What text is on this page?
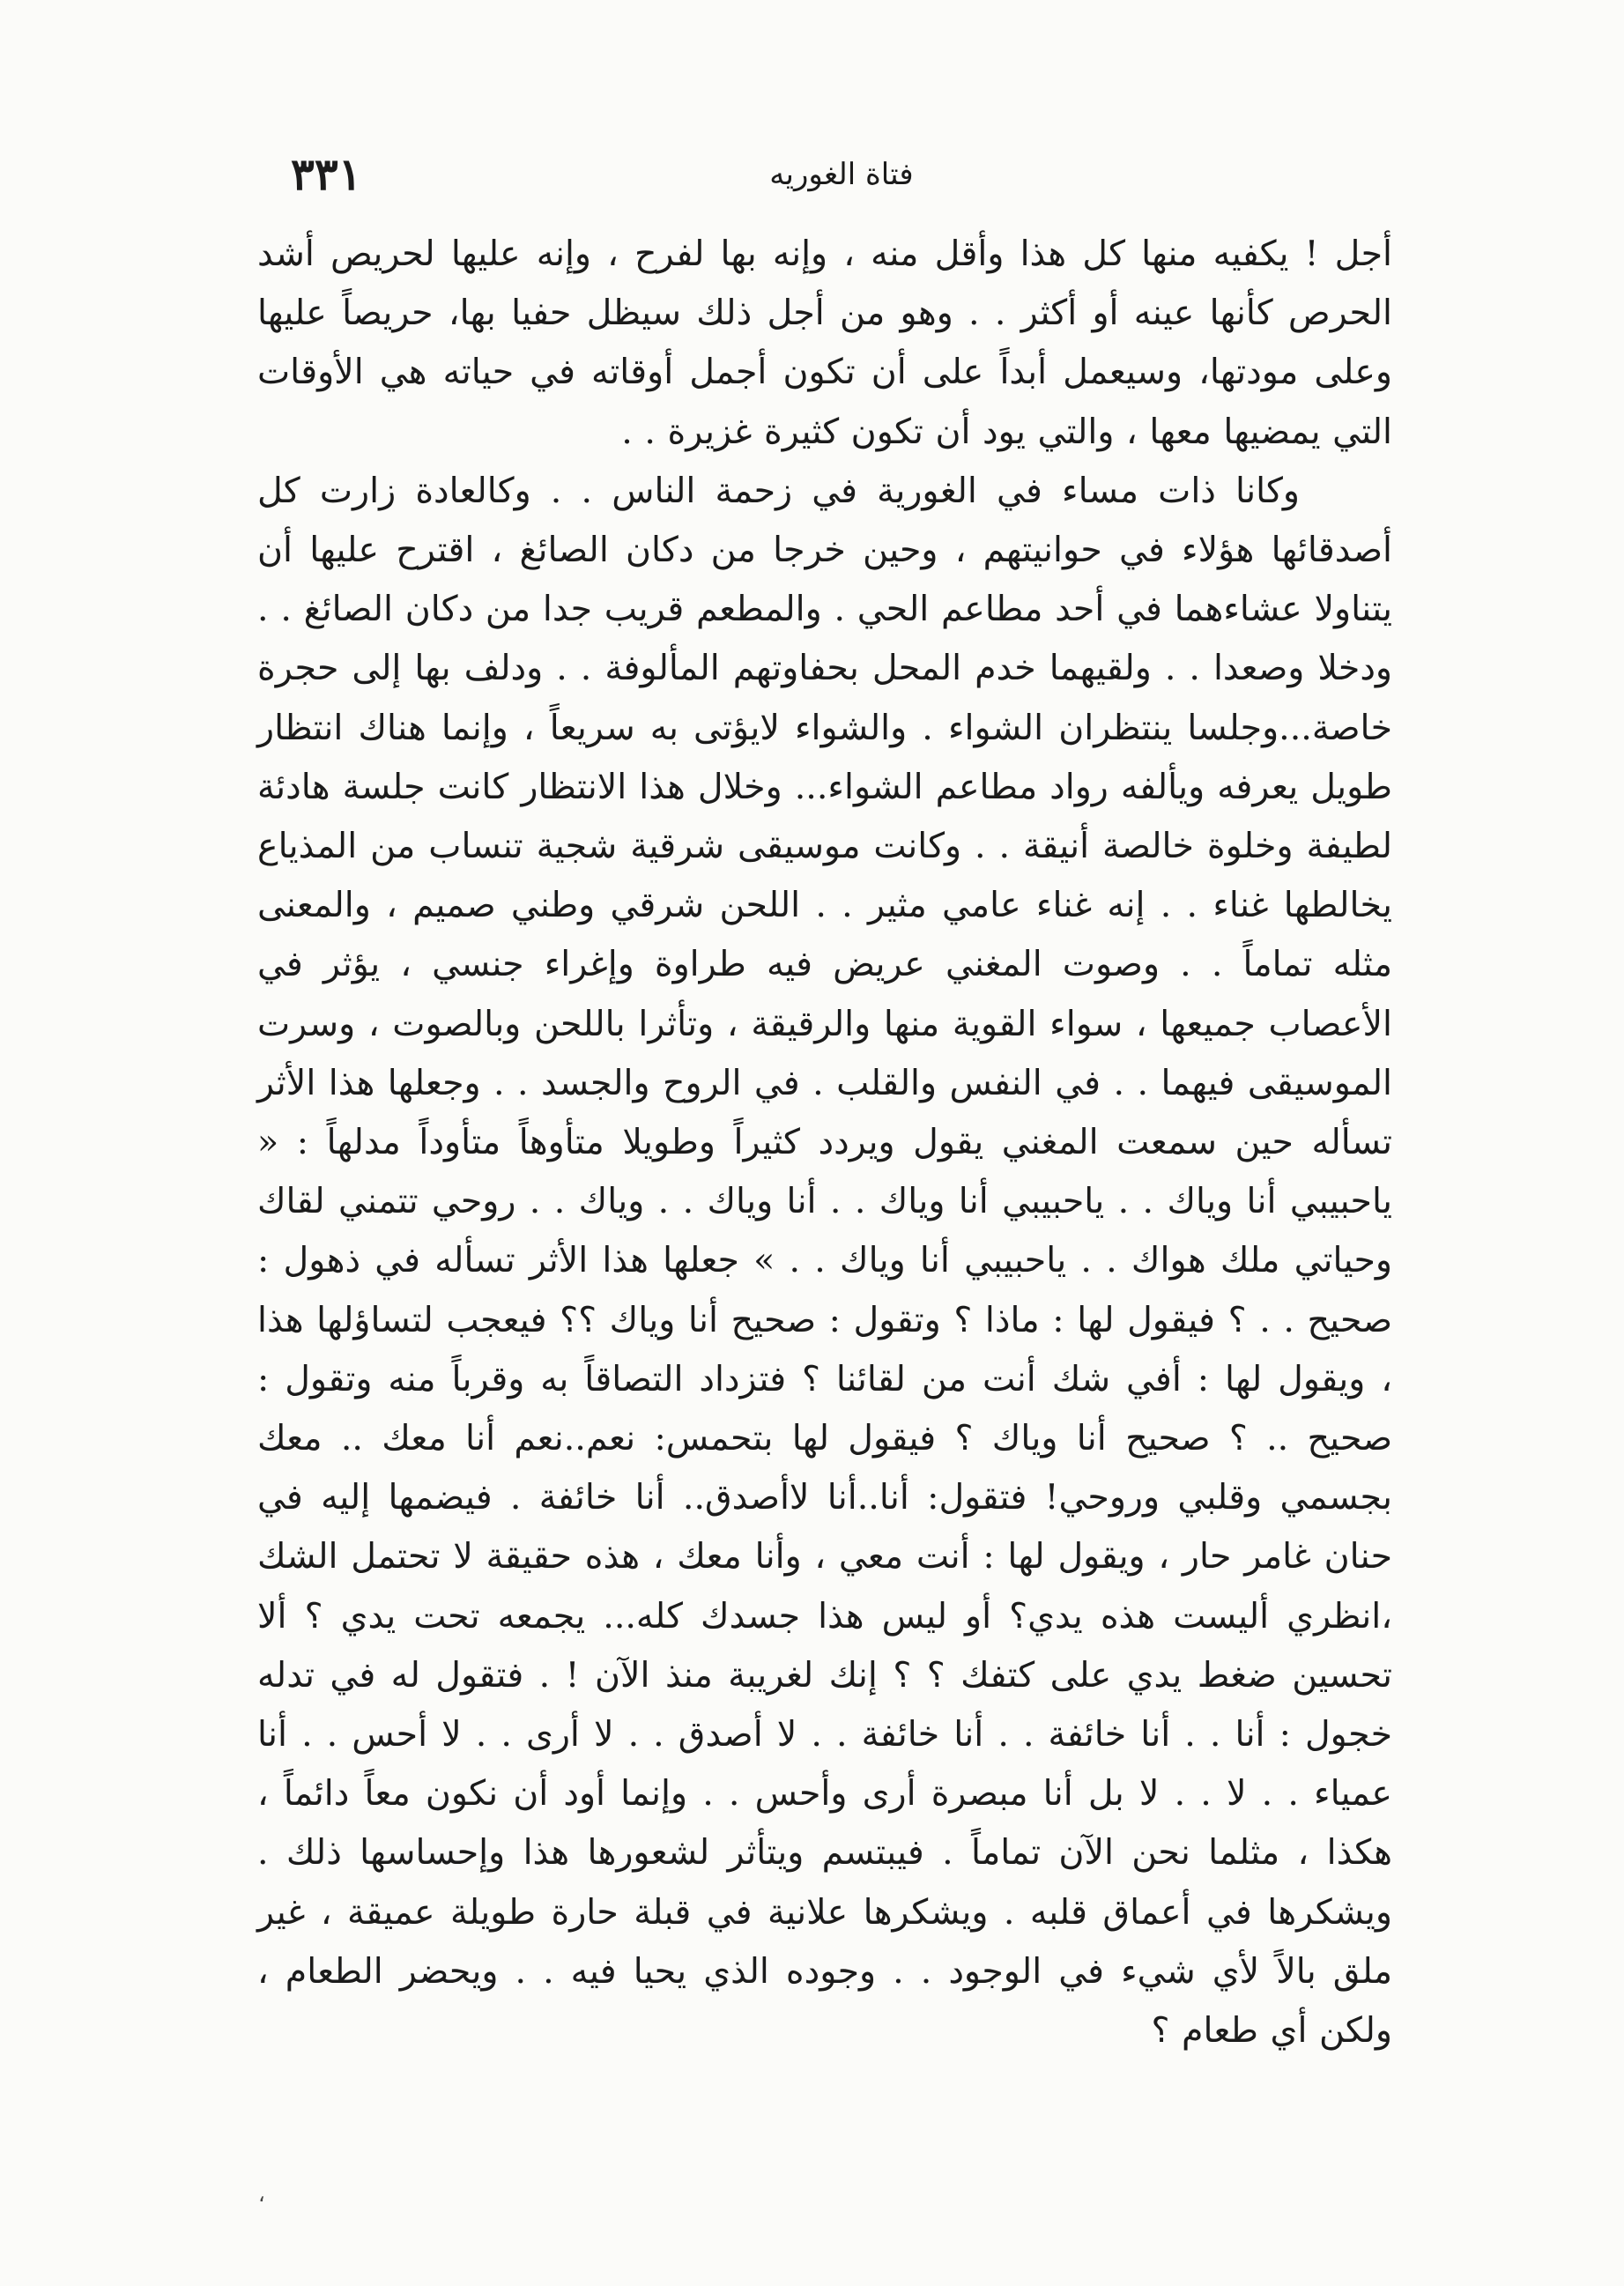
٣٣١	فتاة الغوريه

أجل ! يكفيه منها كل هذا وأقل منه ، وإنه بها لفرح ، وإنه عليها لحريص أشد الحرص كأنها عينه أو أكثر . . وهو من أجل ذلك سيظل حفيا بها، حريصاً عليها وعلى مودتها، وسيعمل أبداً على أن تكون أجمل أوقاته في حياته هي الأوقات التي يمضيها معها ، والتي يود أن تكون كثيرة غزيرة . .

وكانا ذات مساء في الغورية في زحمة الناس . . وكالعادة زارت كل أصدقائها هؤلاء في حوانيتهم ، وحين خرجا من دكان الصائغ ، اقترح عليها أن يتناولا عشاءهما في أحد مطاعم الحي . والمطعم قريب جدا من دكان الصائغ . . ودخلا وصعدا . . ولقيهما خدم المحل بحفاوتهم المألوفة . . ودلف بها إلى حجرة خاصة...وجلسا ينتظران الشواء . والشواء لايؤتى به سريعاً ، وإنما هناك انتظار طويل يعرفه ويألفه رواد مطاعم الشواء... وخلال هذا الانتظار كانت جلسة هادئة لطيفة وخلوة خالصة أنيقة . . وكانت موسيقى شرقية شجية تنساب من المذياع يخالطها غناء . . إنه غناء عامي مثير . . اللحن شرقي وطني صميم ، والمعنى مثله تماماً . . وصوت المغني عريض فيه طراوة وإغراء جنسي ، يؤثر في الأعصاب جميعها ، سواء القوية منها والرقيقة ، وتأثرا باللحن وبالصوت ، وسرت الموسيقى فيهما . . في النفس والقلب . في الروح والجسد . . وجعلها هذا الأثر تسأله حين سمعت المغني يقول ويردد كثيراً وطويلا متأوهاً متأوداً مدلهاً : « ياحبيبي أنا وياك . . ياحبيبي أنا وياك . . أنا وياك . . وياك . . روحي تتمني لقاك وحياتي ملك هواك . . ياحبيبي أنا وياك . . » جعلها هذا الأثر تسأله في ذهول : صحيح . . ؟ فيقول لها : ماذا ؟ وتقول : صحيح أنا وياك ؟؟ فيعجب لتساؤلها هذا ، ويقول لها : أفي شك أنت من لقائنا ؟ فتزداد التصاقاً به وقرباً منه وتقول : صحيح .. ؟ صحيح أنا وياك ؟ فيقول لها بتحمس: نعم..نعم أنا معك .. معك بجسمي وقلبي وروحي! فتقول: أنا..أنا لاأصدق.. أنا خائفة . فيضمها إليه في حنان غامر حار ، ويقول لها : أنت معي ، وأنا معك ، هذه حقيقة لا تحتمل الشك ،انظري أليست هذه يدي؟ أو ليس هذا جسدك كله... يجمعه تحت يدي ؟ ألا تحسين ضغط يدي على كتفك ؟ ؟ إنك لغريبة منذ الآن ! . فتقول له في تدله خجول : أنا . . أنا خائفة . . أنا خائفة . . لا أصدق . . لا أرى . . لا أحس . . أنا عمياء . . لا . . لا بل أنا مبصرة أرى وأحس . . وإنما أود أن نكون معاً دائماً ، هكذا ، مثلما نحن الآن تماماً . فيبتسم ويتأثر لشعورها هذا وإحساسها ذلك . ويشكرها في أعماق قلبه . ويشكرها علانية في قبلة حارة طويلة عميقة ، غير ملق بالاً لأي شيء في الوجود . . وجوده الذي يحيا فيه . . ويحضر الطعام ، ولكن أي طعام ؟

،
